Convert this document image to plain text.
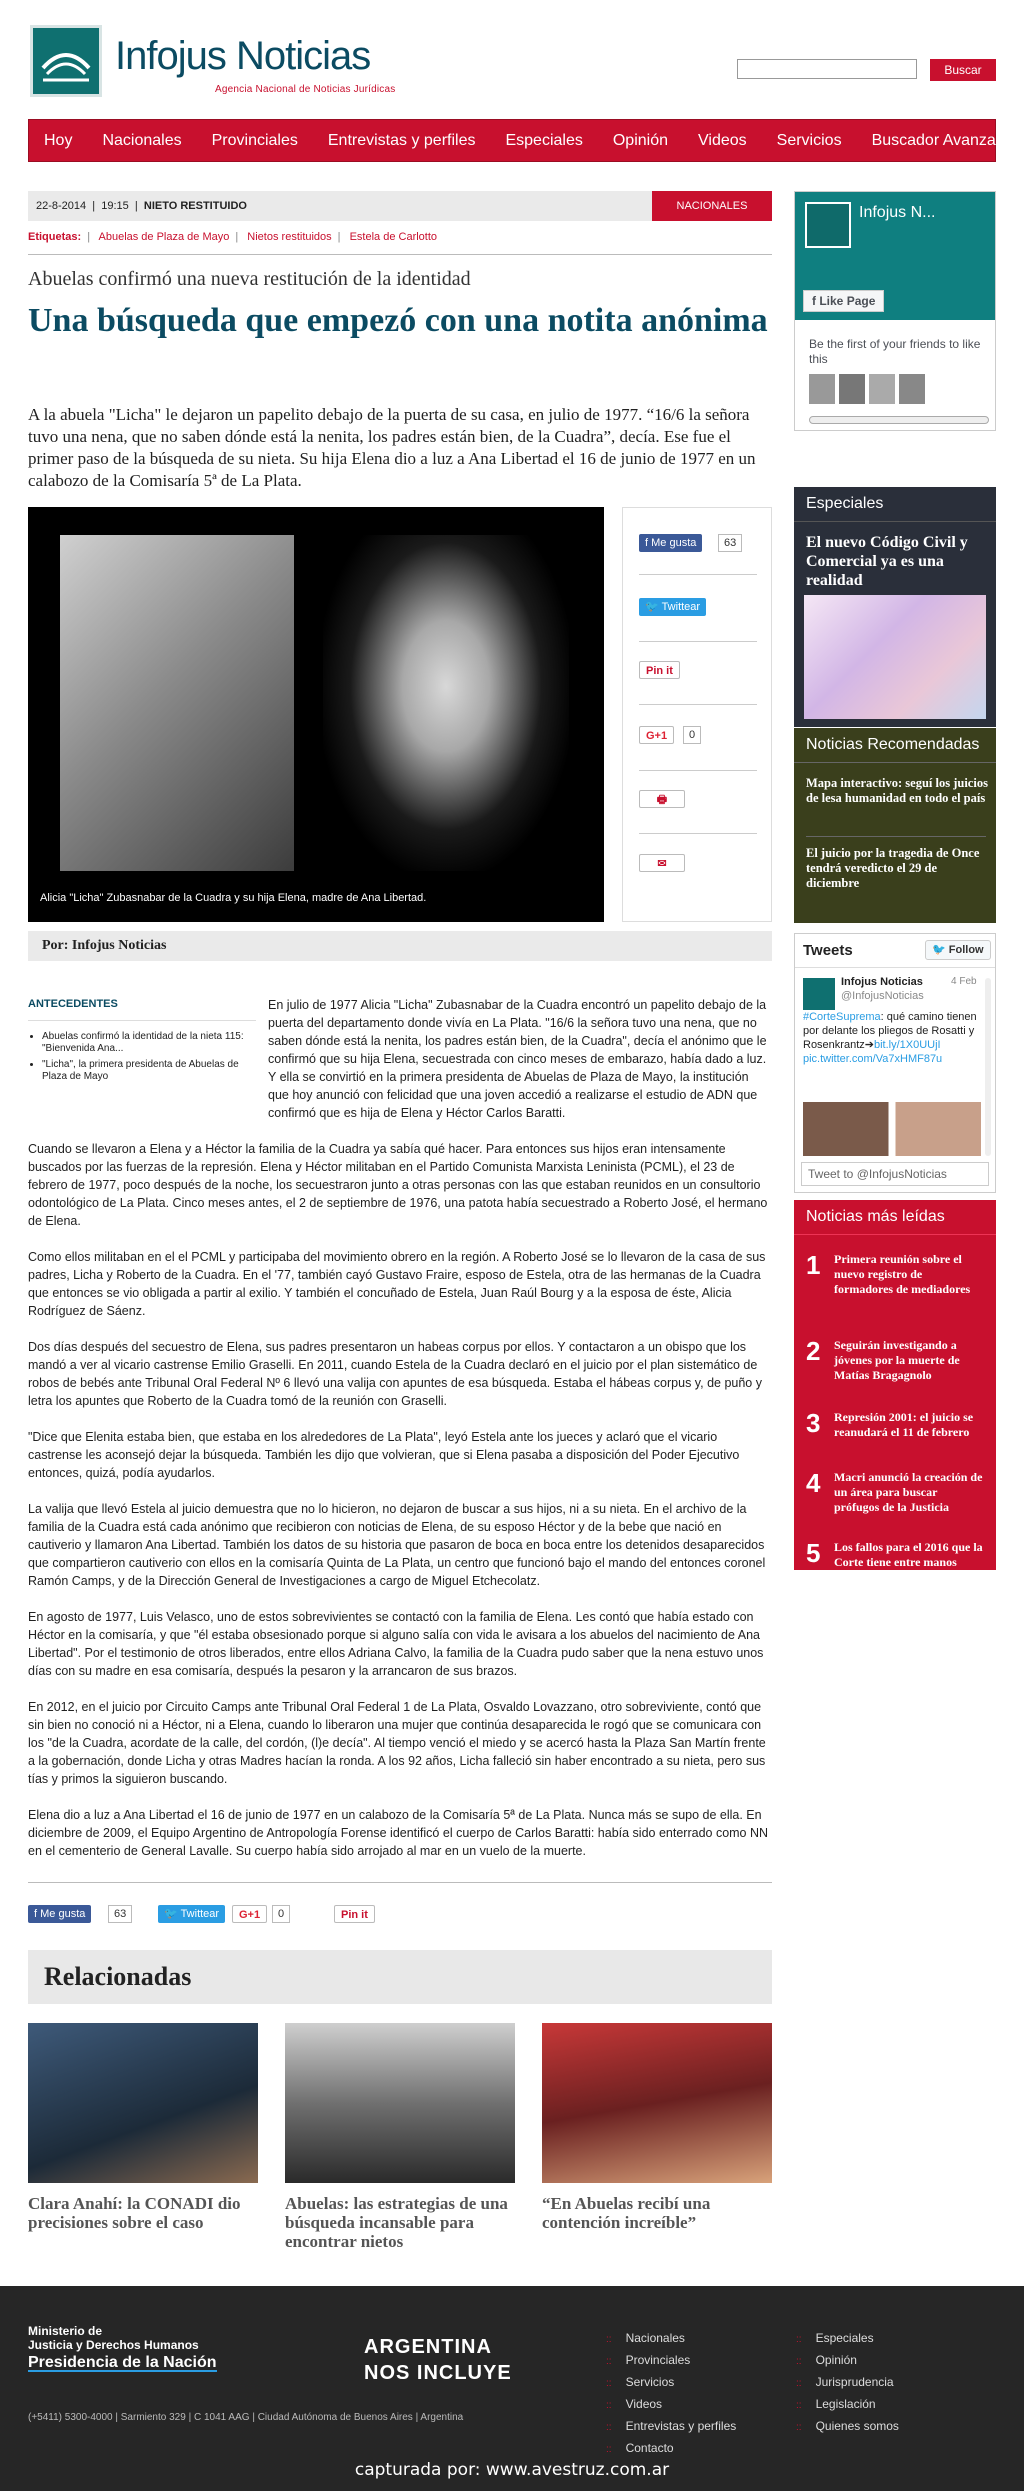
Infojus Noticias
Agencia Nacional de Noticias Jurídicas
Buscar
Hoy	Nacionales	Provinciales	Entrevistas y perfiles	Especiales	Opinión	Videos	Servicios	Buscador Avanzado
22-8-2014  |  19:15  |  NIETO RESTITUIDO	NACIONALES
Etiquetas: | Abuelas de Plaza de Mayo | Nietos restituidos | Estela de Carlotto
Abuelas confirmó una nueva restitución de la identidad
Una búsqueda que empezó con una notita anónima
A la abuela "Licha" le dejaron un papelito debajo de la puerta de su casa, en julio de 1977. “16/6 la señora tuvo una nena, que no saben dónde está la nenita, los padres están bien, de la Cuadra”, decía. Ese fue el primer paso de la búsqueda de su nieta. Su hija Elena dio a luz a Ana Libertad el 16 de junio de 1977 en un calabozo de la Comisaría 5ª de La Plata.
Alicia "Licha" Zubasnabar de la Cuadra y su hija Elena, madre de Ana Libertad.
f Me gusta	63
🐦 Twittear
Pin it
G+1	0
🖶
✉
Por: Infojus Noticias
ANTECEDENTES
• Abuelas confirmó la identidad de la nieta 115: "Bienvenida Ana...
• "Licha", la primera presidenta de Abuelas de Plaza de Mayo
En julio de 1977 Alicia "Licha" Zubasnabar de la Cuadra encontró un papelito debajo de la puerta del departamento donde vivía en La Plata. "16/6 la señora tuvo una nena, que no saben dónde está la nenita, los padres están bien, de la Cuadra", decía el anónimo que le confirmó que su hija Elena, secuestrada con cinco meses de embarazo, había dado a luz. Y ella se convirtió en la primera presidenta de Abuelas de Plaza de Mayo, la institución que hoy anunció con felicidad que una joven accedió a realizarse el estudio de ADN que confirmó que es hija de Elena y Héctor Carlos Baratti.

Cuando se llevaron a Elena y a Héctor la familia de la Cuadra ya sabía qué hacer. Para entonces sus hijos eran intensamente buscados por las fuerzas de la represión. Elena y Héctor militaban en el Partido Comunista Marxista Leninista (PCML), el 23 de febrero de 1977, poco después de la noche, los secuestraron junto a otras personas con las que estaban reunidos en un consultorio odontológico de La Plata. Cinco meses antes, el 2 de septiembre de 1976, una patota había secuestrado a Roberto José, el hermano de Elena.

Como ellos militaban en el el PCML y participaba del movimiento obrero en la región. A Roberto José se lo llevaron de la casa de sus padres, Licha y Roberto de la Cuadra. En el '77, también cayó Gustavo Fraire, esposo de Estela, otra de las hermanas de la Cuadra que entonces se vio obligada a partir al exilio. Y también el concuñado de Estela, Juan Raúl Bourg y a la esposa de éste, Alicia Rodríguez de Sáenz.

Dos días después del secuestro de Elena, sus padres presentaron un habeas corpus por ellos. Y contactaron a un obispo que los mandó a ver al vicario castrense Emilio Graselli. En 2011, cuando Estela de la Cuadra declaró en el juicio por el plan sistemático de robos de bebés ante Tribunal Oral Federal Nº 6 llevó una valija con apuntes de esa búsqueda. Estaba el hábeas corpus y, de puño y letra los apuntes que Roberto de la Cuadra tomó de la reunión con Graselli.

"Dice que Elenita estaba bien, que estaba en los alrededores de La Plata", leyó Estela ante los jueces y aclaró que el vicario castrense les aconsejó dejar la búsqueda. También les dijo que volvieran, que si Elena pasaba a disposición del Poder Ejecutivo entonces, quizá, podía ayudarlos.

La valija que llevó Estela al juicio demuestra que no lo hicieron, no dejaron de buscar a sus hijos, ni a su nieta. En el archivo de la familia de la Cuadra está cada anónimo que recibieron con noticias de Elena, de su esposo Héctor y de la bebe que nació en cautiverio y llamaron Ana Libertad. También los datos de su historia que pasaron de boca en boca entre los detenidos desaparecidos que compartieron cautiverio con ellos en la comisaría Quinta de La Plata, un centro que funcionó bajo el mando del entonces coronel Ramón Camps, y de la Dirección General de Investigaciones a cargo de Miguel Etchecolatz.

En agosto de 1977, Luis Velasco, uno de estos sobrevivientes se contactó con la familia de Elena. Les contó que había estado con Héctor en la comisaría, y que "él estaba obsesionado porque si alguno salía con vida le avisara a los abuelos del nacimiento de Ana Libertad". Por el testimonio de otros liberados, entre ellos Adriana Calvo, la familia de la Cuadra pudo saber que la nena estuvo unos días con su madre en esa comisaría, después la pesaron y la arrancaron de sus brazos.

En 2012, en el juicio por Circuito Camps ante Tribunal Oral Federal 1 de La Plata, Osvaldo Lovazzano, otro sobreviviente, contó que sin bien no conoció ni a Héctor, ni a Elena, cuando lo liberaron una mujer que continúa desaparecida le rogó que se comunicara con los "de la Cuadra, acordate de la calle, del cordón, (l)e decía". Al tiempo venció el miedo y se acercó hasta la Plaza San Martín frente a la gobernación, donde Licha y otras Madres hacían la ronda. A los 92 años, Licha falleció sin haber encontrado a su nieta, pero sus tías y primos la siguieron buscando.

Elena dio a luz a Ana Libertad el 16 de junio de 1977 en un calabozo de la Comisaría 5ª de La Plata. Nunca más se supo de ella. En diciembre de 2009, el Equipo Argentino de Antropología Forense identificó el cuerpo de Carlos Baratti: había sido enterrado como NN en el cementerio de General Lavalle. Su cuerpo había sido arrojado al mar en un vuelo de la muerte.

f Me gusta	63	🐦 Twittear	G+1	0	Pin it
Relacionadas
Clara Anahí: la CONADI dio precisiones sobre el caso
Abuelas: las estrategias de una búsqueda incansable para encontrar nietos
“En Abuelas recibí una contención increíble”
Infojus N...
f Like Page
Be the first of your friends to like this
Especiales
El nuevo Código Civil y Comercial ya es una realidad
Noticias Recomendadas
Mapa interactivo: seguí los juicios de lesa humanidad en todo el país
El juicio por la tragedia de Once tendrá veredicto el 29 de diciembre
Tweets	🐦 Follow
Infojus Noticias
@InfojusNoticias
4 Feb
#CorteSuprema: qué camino tienen por delante los pliegos de Rosatti y Rosenkrantz➔bit.ly/1X0UUjI pic.twitter.com/Va7xHMF87u
Tweet to @InfojusNoticias
Noticias más leídas
1 Primera reunión sobre el nuevo registro de formadores de mediadores
2 Seguirán investigando a jóvenes por la muerte de Matías Bragagnolo
3 Represión 2001: el juicio se reanudará el 11 de febrero
4 Macri anunció la creación de un área para buscar prófugos de la Justicia
5 Los fallos para el 2016 que la Corte tiene entre manos
Ministerio de
Justicia y Derechos Humanos
Presidencia de la Nación
ARGENTINA
NOS INCLUYE
(+5411) 5300-4000 | Sarmiento 329 | C 1041 AAG | Ciudad Autónoma de Buenos Aires | Argentina
:: Nacionales
:: Provinciales
:: Servicios
:: Videos
:: Entrevistas y perfiles
:: Contacto
:: Especiales
:: Opinión
:: Jurisprudencia
:: Legislación
:: Quienes somos
capturada por: www.avestruz.com.ar
